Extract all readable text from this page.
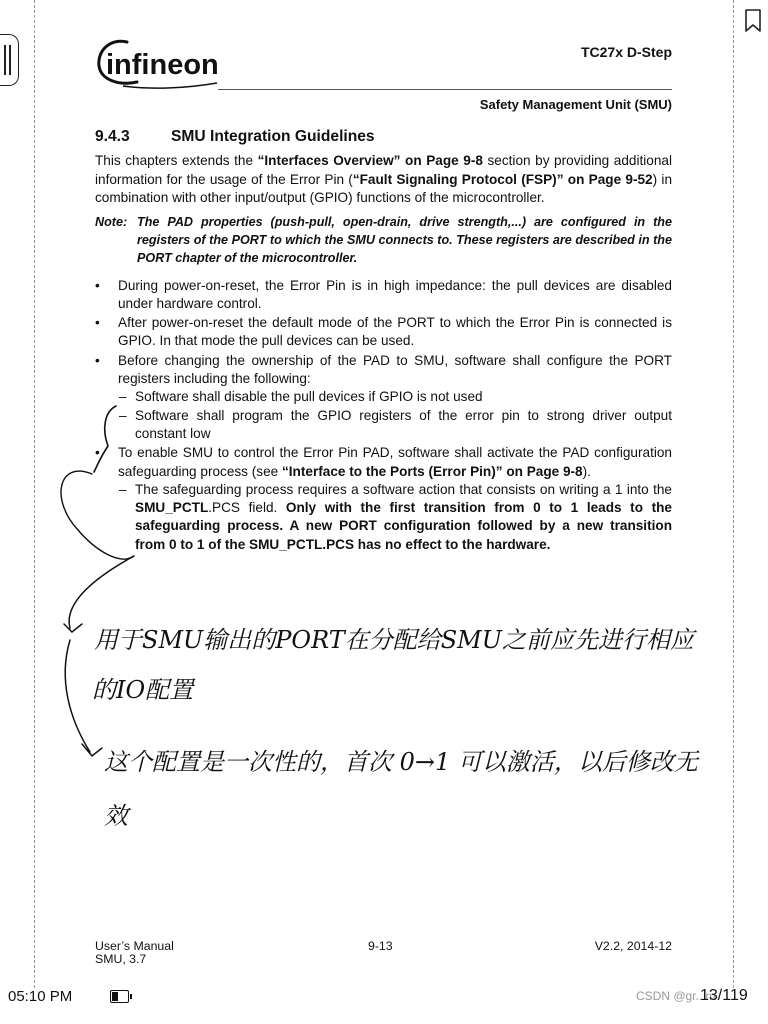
infineon	TC27x D-Step
Safety Management Unit (SMU)
9.4.3	SMU Integration Guidelines

This chapters extends the “Interfaces Overview” on Page 9-8 section by providing additional information for the usage of the Error Pin (“Fault Signaling Protocol (FSP)” on Page 9-52) in combination with other input/output (GPIO) functions of the microcontroller.

Note: The PAD properties (push-pull, open-drain, drive strength,...) are configured in the registers of the PORT to which the SMU connects to. These registers are described in the PORT chapter of the microcontroller.
•	During power-on-reset, the Error Pin is in high impedance: the pull devices are disabled under hardware control.
•	After power-on-reset the default mode of the PORT to which the Error Pin is connected is GPIO. In that mode the pull devices can be used.
•	Before changing the ownership of the PAD to SMU, software shall configure the PORT registers including the following:
– Software shall disable the pull devices if GPIO is not used
– Software shall program the GPIO registers of the error pin to strong driver output constant low
•	To enable SMU to control the Error Pin PAD, software shall activate the PAD configuration safeguarding process (see “Interface to the Ports (Error Pin)” on Page 9-8).
– The safeguarding process requires a software action that consists on writing a 1 into the SMU_PCTL.PCS field. Only with the first transition from 0 to 1 leads to the safeguarding process. A new PORT configuration followed by a new transition from 0 to 1 of the SMU_PCTL.PCS has no effect to the hardware.
用于SMU输出的PORT在分配给SMU之前应先进行相应
的IO配置
这个配置是一次性的，首次 0→1 可以激活，以后修改无
效
User’s Manual
SMU, 3.7
9-13	V2.2, 2014-12
05:10 PM	CSDN @gr...m
13/119
